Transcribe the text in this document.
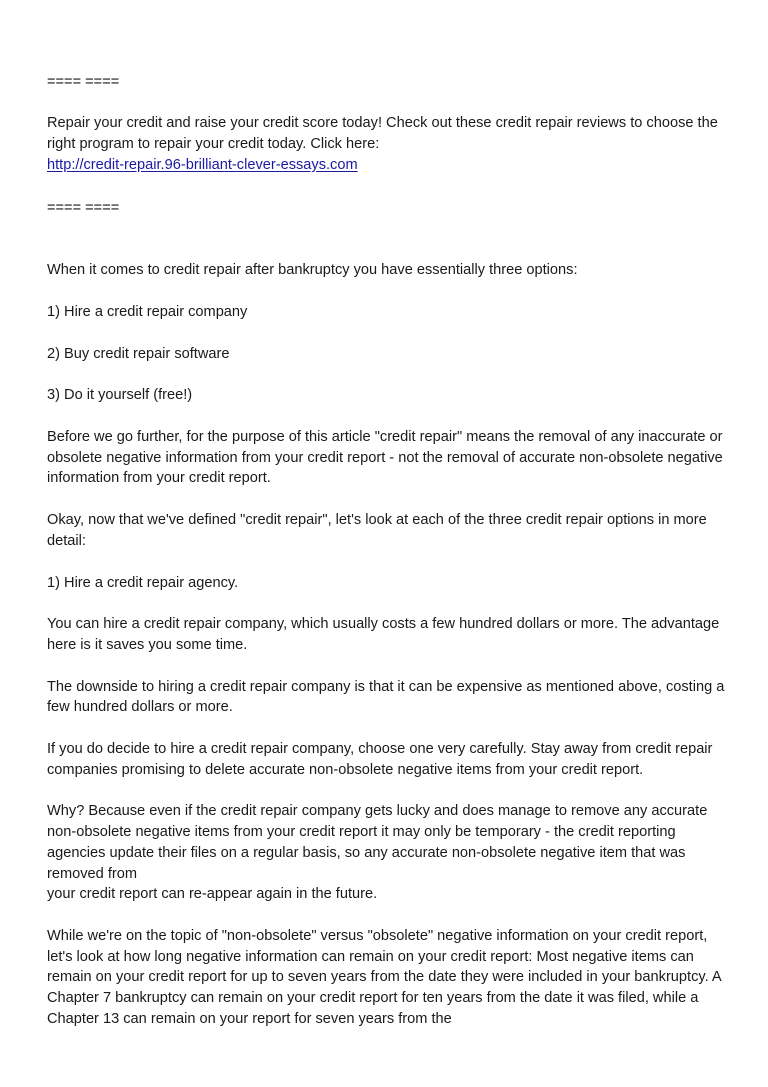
==== ====

Repair your credit and raise your credit score today! Check out these credit repair reviews to choose the right program to repair your credit today. Click here:

http://credit-repair.96-brilliant-clever-essays.com

==== ====

When it comes to credit repair after bankruptcy you have essentially three options:

1) Hire a credit repair company

2) Buy credit repair software

3) Do it yourself (free!)

Before we go further, for the purpose of this article "credit repair" means the removal of any inaccurate or obsolete negative information from your credit report - not the removal of accurate non-obsolete negative information from your credit report.

Okay, now that we've defined "credit repair", let's look at each of the three credit repair options in more detail:

1) Hire a credit repair agency.

You can hire a credit repair company, which usually costs a few hundred dollars or more. The advantage here is it saves you some time.

The downside to hiring a credit repair company is that it can be expensive as mentioned above, costing a few hundred dollars or more.

If you do decide to hire a credit repair company, choose one very carefully. Stay away from credit repair companies promising to delete accurate non-obsolete negative items from your credit report.

Why? Because even if the credit repair company gets lucky and does manage to remove any accurate non-obsolete negative items from your credit report it may only be temporary - the credit reporting agencies update their files on a regular basis, so any accurate non-obsolete negative item that was removed from

your credit report can re-appear again in the future.

While we're on the topic of "non-obsolete" versus "obsolete" negative information on your credit report, let's look at how long negative information can remain on your credit report: Most negative items can remain on your credit report for up to seven years from the date they were included in your bankruptcy. A Chapter 7 bankruptcy can remain on your credit report for ten years from the date it was filed, while a Chapter 13 can remain on your report for seven years from the
